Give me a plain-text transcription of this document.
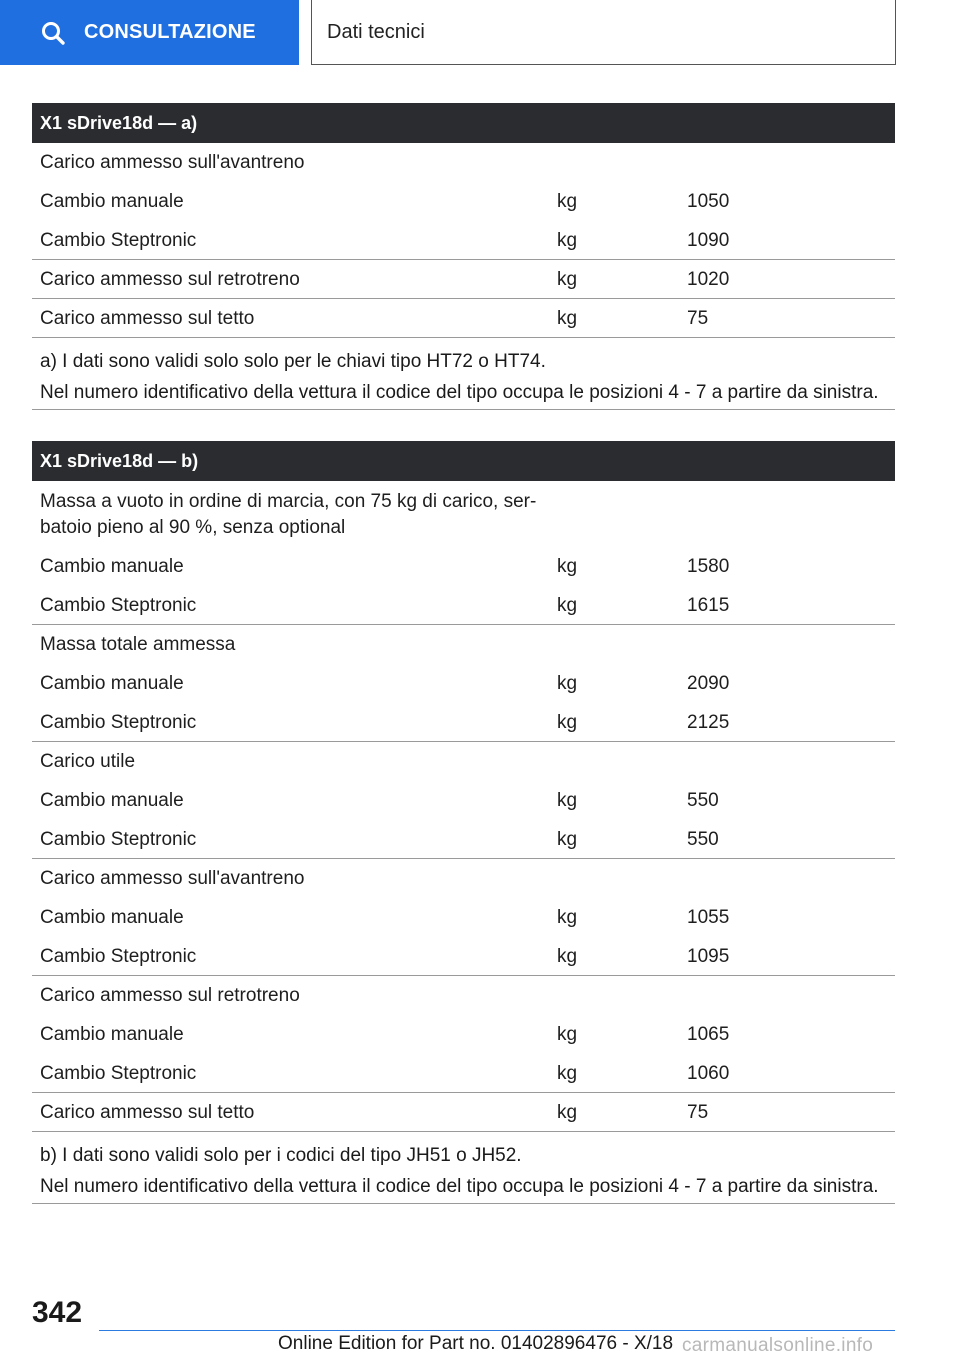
CONSULTAZIONE	Dati tecnici
X1 sDrive18d — a)
Carico ammesso sull'avantreno
Cambio manuale	kg	1050
Cambio Steptronic	kg	1090
Carico ammesso sul retrotreno	kg	1020
Carico ammesso sul tetto	kg	75
a) I dati sono validi solo solo per le chiavi tipo HT72 o HT74.
Nel numero identificativo della vettura il codice del tipo occupa le posizioni 4 - 7 a partire da sinistra.
X1 sDrive18d — b)
Massa a vuoto in ordine di marcia, con 75 kg di carico, ser-batoio pieno al 90 %, senza optional
Cambio manuale	kg	1580
Cambio Steptronic	kg	1615
Massa totale ammessa
Cambio manuale	kg	2090
Cambio Steptronic	kg	2125
Carico utile
Cambio manuale	kg	550
Cambio Steptronic	kg	550
Carico ammesso sull'avantreno
Cambio manuale	kg	1055
Cambio Steptronic	kg	1095
Carico ammesso sul retrotreno
Cambio manuale	kg	1065
Cambio Steptronic	kg	1060
Carico ammesso sul tetto	kg	75
b) I dati sono validi solo per i codici del tipo JH51 o JH52.
Nel numero identificativo della vettura il codice del tipo occupa le posizioni 4 - 7 a partire da sinistra.
342
Online Edition for Part no. 01402896476 - X/18 carmanualsonline.info
